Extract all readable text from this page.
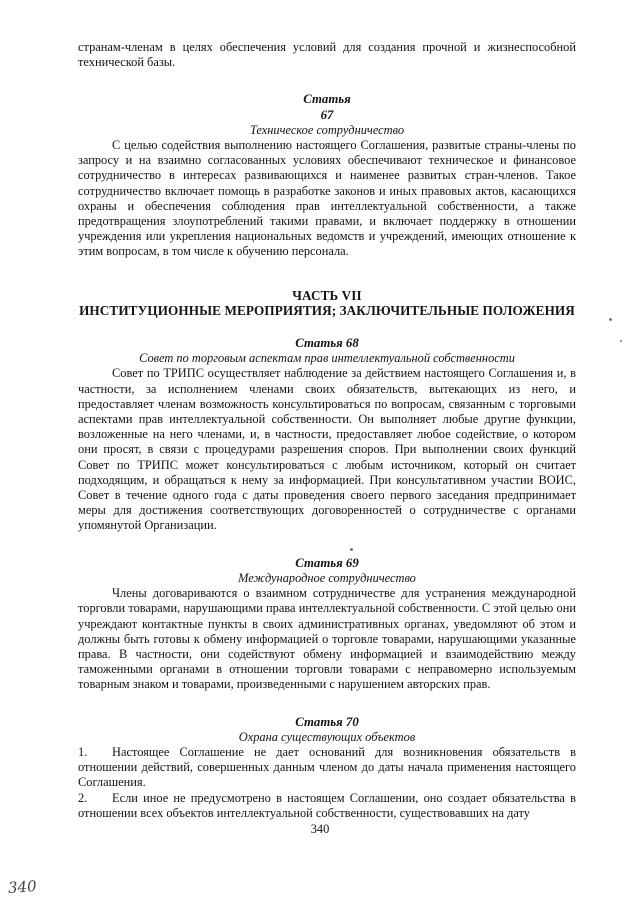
странам-членам в целях обеспечения условий для создания прочной и жизнеспособной технической базы.

Статья
67
Техническое сотрудничество

С целью содействия выполнению настоящего Соглашения, развитые страны-члены по запросу и на взаимно согласованных условиях обеспечивают техническое и финансовое сотрудничество в интересах развивающихся и наименее развитых стран-членов. Такое сотрудничество включает помощь в разработке законов и иных правовых актов, касающихся охраны и обеспечения соблюдения прав интеллектуальной собственности, а также предотвращения злоупотреблений такими правами, и включает поддержку в отношении учреждения или укрепления национальных ведомств и учреждений, имеющих отношение к этим вопросам, в том числе к обучению персонала.

ЧАСТЬ VII
ИНСТИТУЦИОННЫЕ МЕРОПРИЯТИЯ; ЗАКЛЮЧИТЕЛЬНЫЕ ПОЛОЖЕНИЯ
Статья 68
Совет по торговым аспектам прав интеллектуальной собственности

Совет по ТРИПС осуществляет наблюдение за действием настоящего Соглашения и, в частности, за исполнением членами своих обязательств, вытекающих из него, и предоставляет членам возможность консультироваться по вопросам, связанным с торговыми аспектами прав интеллектуальной собственности. Он выполняет любые другие функции, возложенные на него членами, и, в частности, предоставляет любое содействие, о котором они просят, в связи с процедурами разрешения споров. При выполнении своих функций Совет по ТРИПС может консультироваться с любым источником, который он считает подходящим, и обращаться к нему за информацией. При консультативном участии ВОИС, Совет в течение одного года с даты проведения своего первого заседания предпринимает меры для достижения соответствующих договоренностей о сотрудничестве с органами упомянутой Организации.

Статья 69
Международное сотрудничество

Члены договариваются о взаимном сотрудничестве для устранения международной торговли товарами, нарушающими права интеллектуальной собственности. С этой целью они учреждают контактные пункты в своих административных органах, уведомляют об этом и должны быть готовы к обмену информацией о торговле товарами, нарушающими указанные права. В частности, они содействуют обмену информацией и взаимодействию между таможенными органами в отношении торговли товарами с неправомерно используемым товарным знаком и товарами, произведенными с нарушением авторских прав.

Статья 70
Охрана существующих объектов

1. Настоящее Соглашение не дает оснований для возникновения обязательств в отношении действий, совершенных данным членом до даты начала применения настоящего Соглашения.

2. Если иное не предусмотрено в настоящем Соглашении, оно создает обязательства в отношении всех объектов интеллектуальной собственности, существовавших на дату

340
340
